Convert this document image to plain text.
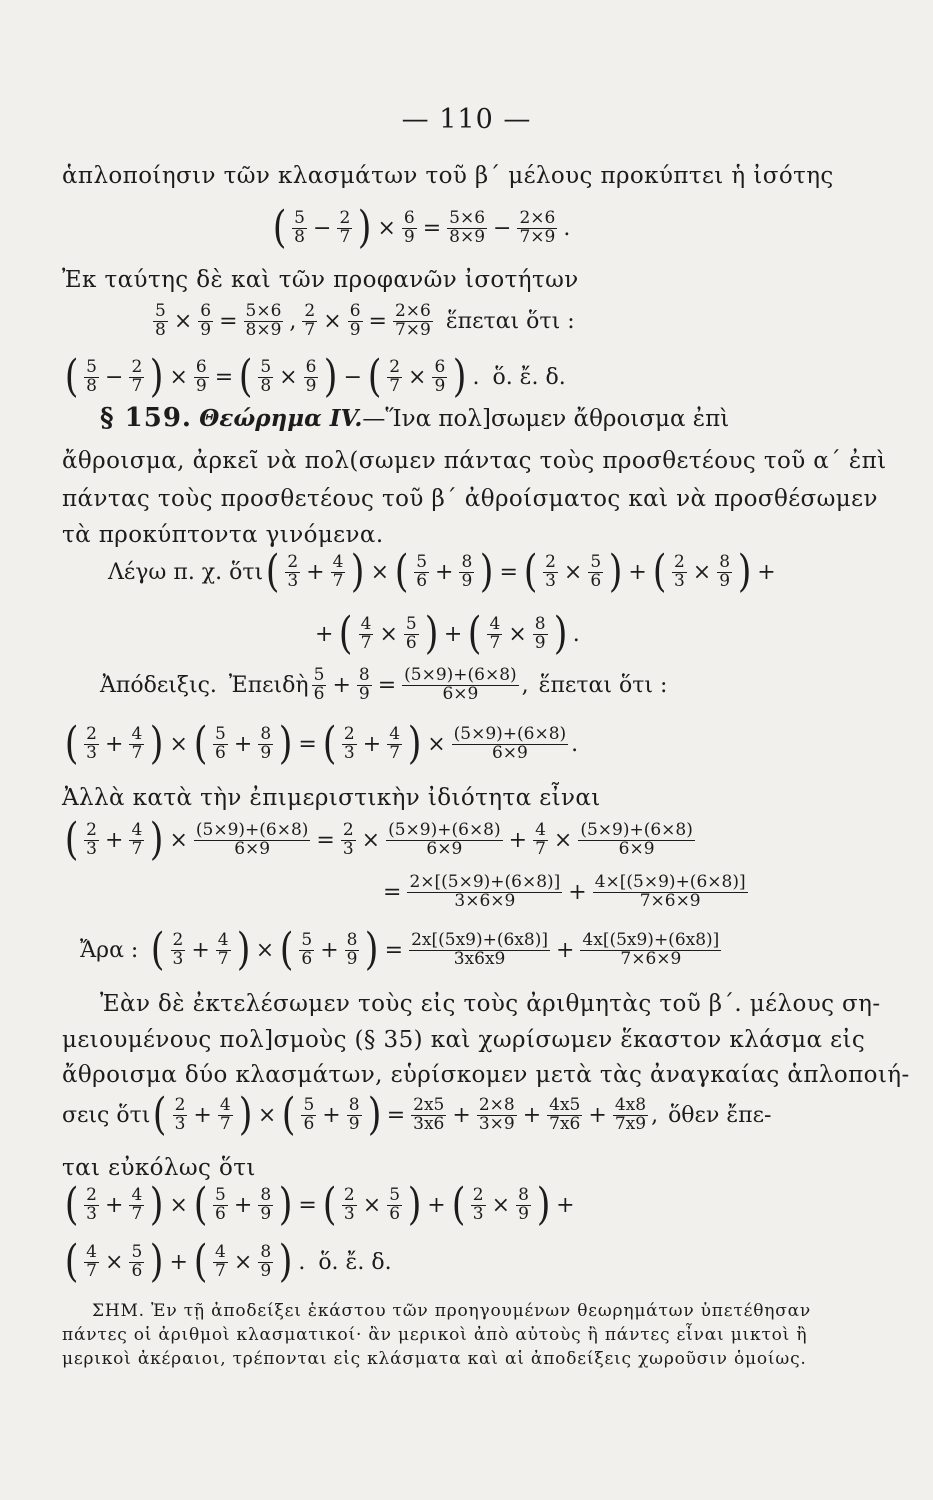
— 110 —
ἁπλοποίησιν τῶν κλασμάτων τοῦ β΄ μέλους προκύπτει ἡ ἰσότης
( $\frac{5}{8} - \frac{2}{7}$ ) × $\frac{6}{9} = \frac{5\times 6}{8\times 9} - \frac{2\times 6}{7\times 9}$ .
Ἐκ ταύτης δὲ καὶ τῶν προφανῶν ἰσοτήτων
$\frac{5}{8} \times \frac{6}{9} = \frac{5\times 6}{8\times 9}$ , $\frac{2}{7} \times \frac{6}{9} = \frac{2\times 6}{7\times 9}$ ἕπεται ὅτι :
( $\frac{5}{8} - \frac{2}{7}$ ) × $\frac{6}{9}$ = ( $\frac{5}{8} \times \frac{6}{9}$ ) − ( $\frac{2}{7} \times \frac{6}{9}$ ) . ὅ. ἔ. δ.
§ 159. Θεώρημα IV.—Ἵνα πολ]σωμεν ἄθροισμα ἐπὶ
ἄθροισμα, ἀρκεῖ νὰ πολ(σωμεν πάντας τοὺς προσθετέους τοῦ α΄ ἐπὶ
πάντας τοὺς προσθετέους τοῦ β΄ ἀθροίσματος καὶ νὰ προσθέσωμεν
τὰ προκύπτοντα γινόμενα.
Λέγω π. χ. ὅτι ( $\frac{2}{3} + \frac{4}{7}$ ) × ( $\frac{5}{6} + \frac{8}{9}$ ) = ( $\frac{2}{3} \times \frac{5}{6}$ ) + ( $\frac{2}{3} \times \frac{8}{9}$ ) +
+ ( $\frac{4}{7} \times \frac{5}{6}$ ) + ( $\frac{4}{7} \times \frac{8}{9}$ ) .
Ἀπόδειξις. Ἐπειδὴ $\frac{5}{6} + \frac{8}{9} = \frac{(5\times 9)+(6\times 8)}{6\times 9}$ , ἕπεται ὅτι :
( $\frac{2}{3} + \frac{4}{7}$ ) × ( $\frac{5}{6} + \frac{8}{9}$ ) = ( $\frac{2}{3} + \frac{4}{7}$ ) × $\frac{(5\times 9)+(6\times 8)}{6\times 9}$ .
Ἀλλὰ κατὰ τὴν ἐπιμεριστικὴν ἰδιότητα εἶναι
( $\frac{2}{3} + \frac{4}{7}$ ) × $\frac{(5\times 9)+(6\times 8)}{6\times 9} = \frac{2}{3} \times \frac{(5\times 9)+(6\times 8)}{6\times 9} + \frac{4}{7} \times \frac{(5\times 9)+(6\times 8)}{6\times 9}$
= $\frac{2\times[(5\times 9)+(6\times 8)]}{3\times 6\times 9} + \frac{4\times[(5\times 9)+(6\times 8)]}{7\times 6\times 9}$
Ἄρα : ( $\frac{2}{3} + \frac{4}{7}$ ) × ( $\frac{5}{6} + \frac{8}{9}$ ) = $\frac{2x[(5x9)+(6x8)]}{3x6x9} + \frac{4x[(5x9)+(6x8)]}{7\times 6\times 9}$
Ἐὰν δὲ ἐκτελέσωμεν τοὺς εἰς τοὺς ἀριθμητὰς τοῦ β΄. μέλους ση-
μειουμένους πολ]σμοὺς (§ 35) καὶ χωρίσωμεν ἕκαστον κλάσμα εἰς
ἄθροισμα δύο κλασμάτων, εὑρίσκομεν μετὰ τὰς ἀναγκαίας ἁπλοποιή-
σεις ὅτι ( $\frac{2}{3} + \frac{4}{7}$ ) × ( $\frac{5}{6} + \frac{8}{9}$ ) = $\frac{2x5}{3x6} + \frac{2\times 8}{3\times 9} + \frac{4x5}{7x6} + \frac{4x8}{7x9}$ , ὅθεν ἔπε-
ται εὐκόλως ὅτι
( $\frac{2}{3} + \frac{4}{7}$ ) × ( $\frac{5}{6} + \frac{8}{9}$ ) = ( $\frac{2}{3} \times \frac{5}{6}$ ) + ( $\frac{2}{3} \times \frac{8}{9}$ ) +
( $\frac{4}{7} \times \frac{5}{6}$ ) + ( $\frac{4}{7} \times \frac{8}{9}$ ) . ὅ. ἔ. δ.
ΣΗΜ. Ἐν τῇ ἀποδείξει ἑκάστου τῶν προηγουμένων θεωρημάτων ὑπετέθησαν
πάντες οἱ ἀριθμοὶ κλασματικοί· ἂν μερικοὶ ἀπὸ αὐτοὺς ἢ πάντες εἶναι μικτοὶ ἢ
μερικοὶ ἀκέραιοι, τρέπονται εἰς κλάσματα καὶ αἱ ἀποδείξεις χωροῦσιν ὁμοίως.
